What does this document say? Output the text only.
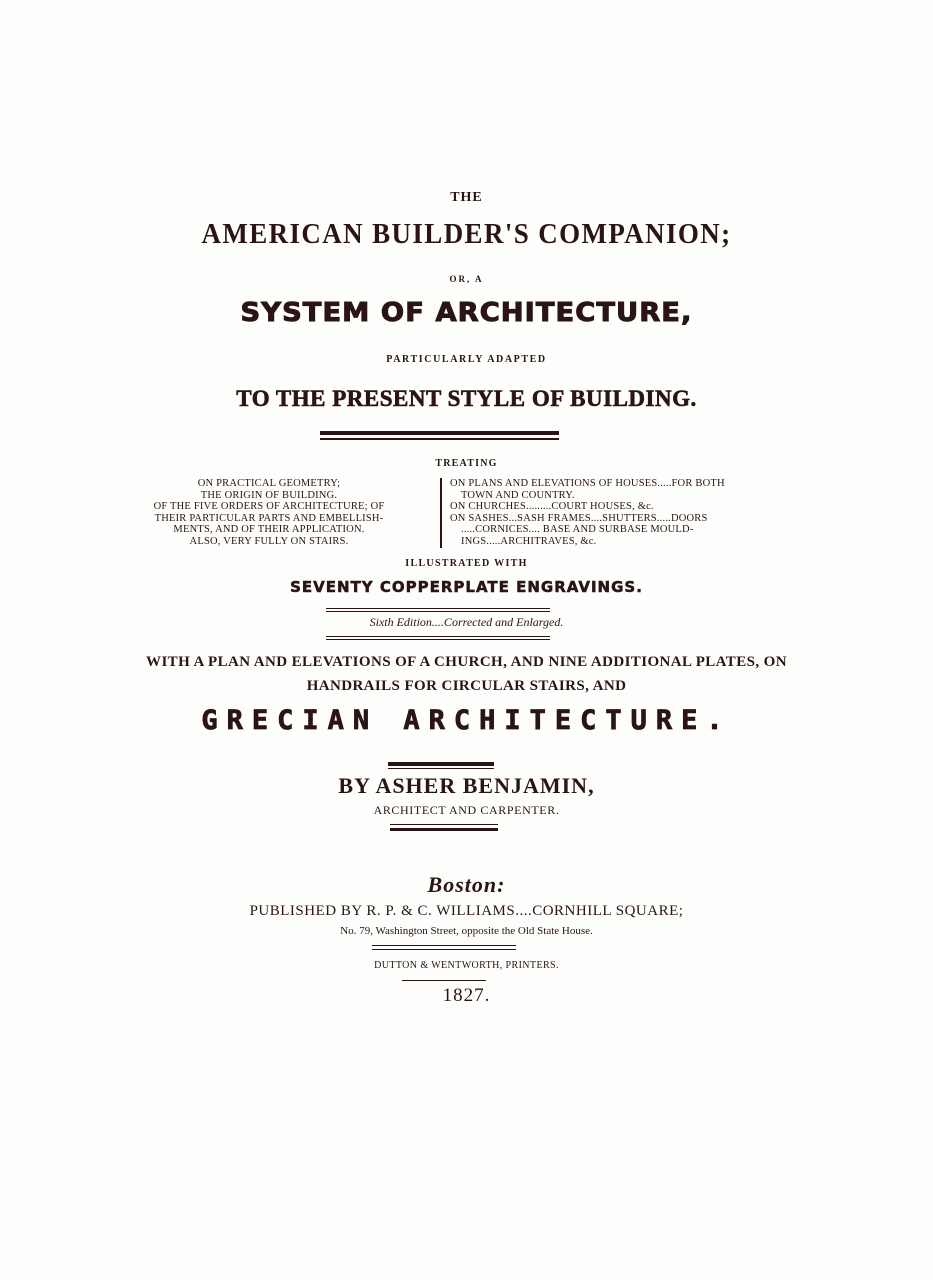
THE
AMERICAN BUILDER'S COMPANION;
OR, A
SYSTEM OF ARCHITECTURE,
PARTICULARLY ADAPTED
TO THE PRESENT STYLE OF BUILDING.
TREATING
ON PRACTICAL GEOMETRY;
THE ORIGIN OF BUILDING.
OF THE FIVE ORDERS OF ARCHITECTURE; OF
THEIR PARTICULAR PARTS AND EMBELLISH-
MENTS, AND OF THEIR APPLICATION.
ALSO, VERY FULLY ON STAIRS.
ON PLANS AND ELEVATIONS OF HOUSES.....FOR BOTH
TOWN AND COUNTRY.
ON CHURCHES.........COURT HOUSES, &c.
ON SASHES...SASH FRAMES....SHUTTERS.....DOORS
.....CORNICES.... BASE AND SURBASE MOULD-
INGS.....ARCHITRAVES, &c.
ILLUSTRATED WITH
SEVENTY COPPERPLATE ENGRAVINGS.
Sixth Edition....Corrected and Enlarged.
WITH A PLAN AND ELEVATIONS OF A CHURCH, AND NINE ADDITIONAL PLATES, ON
HANDRAILS FOR CIRCULAR STAIRS, AND
GRECIAN ARCHITECTURE.
BY ASHER BENJAMIN,
ARCHITECT AND CARPENTER.
Boston:
PUBLISHED BY R. P. & C. WILLIAMS....CORNHILL SQUARE;
No. 79, Washington Street, opposite the Old State House.
DUTTON & WENTWORTH, PRINTERS.
1827.
